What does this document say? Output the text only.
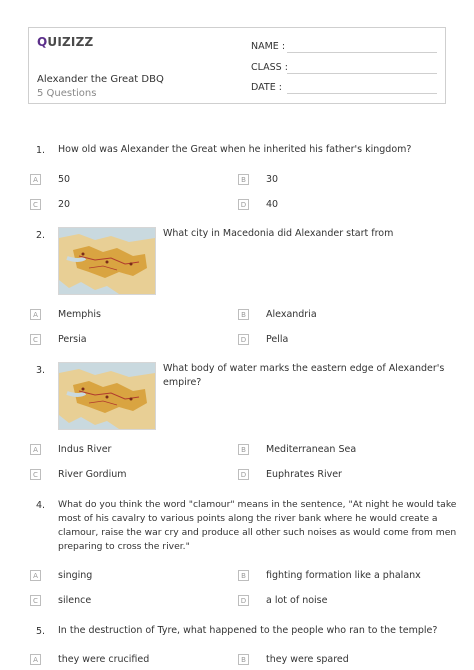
QUIZIZZ
Alexander the Great DBQ
5 Questions
NAME :
CLASS :
DATE :
1. How old was Alexander the Great when he inherited his father's kingdom?
A	50	B	30
C	20	D 40
2.	What city in Macedonia did Alexander start from
A	Memphis	B	Alexandria
C	Persia	D Pella
3.	What body of water marks the eastern edge of Alexander's
empire?
A	Indus River	B	Mediterranean Sea
C	River Gordium	D Euphrates River
4. What do you think the word "clamour" means in the sentence, "At night he would take
most of his cavalry to various points along the river bank where he would create a
clamour, raise the war cry and produce all other such noises as would come from men
preparing to cross the river."
A	singing	B	fighting formation like a phalanx
C	silence	D a lot of noise
5. In the destruction of Tyre, what happened to the people who ran to the temple?
A	they were crucified	B	they were spared
